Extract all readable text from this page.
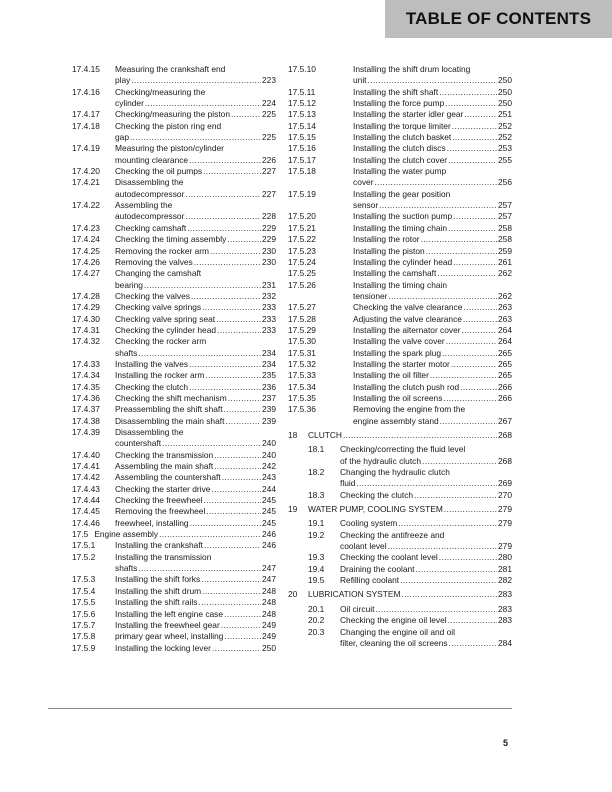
TABLE OF CONTENTS
17.4.15 Measuring the crankshaft end
play .....	223
17.4.16 Checking/measuring the
cylinder .....	224
17.4.17 Checking/measuring the piston .....	225
17.4.18 Checking the piston ring end
gap .....	225
17.4.19 Measuring the piston/cylinder
mounting clearance .....	226
17.4.20 Checking the oil pumps .....	227
17.4.21 Disassembling the
autodecompressor .....	227
17.4.22 Assembling the
autodecompressor .....	228
17.4.23 Checking camshaft .....	229
17.4.24 Checking the timing assembly .....	229
17.4.25 Removing the rocker arm .....	230
17.4.26 Removing the valves .....	230
17.4.27 Changing the camshaft
bearing .....	231
17.4.28 Checking the valves .....	232
17.4.29 Checking valve springs .....	233
17.4.30 Checking valve spring seat .....	233
17.4.31 Checking the cylinder head .....	233
17.4.32 Checking the rocker arm
shafts .....	234
17.4.33 Installing the valves .....	234
17.4.34 Installing the rocker arm .....	235
17.4.35 Checking the clutch .....	236
17.4.36 Checking the shift mechanism .....	237
17.4.37 Preassembling the shift shaft .....	239
17.4.38 Disassembling the main shaft .....	239
17.4.39 Disassembling the
countershaft .....	240
17.4.40 Checking the transmission .....	240
17.4.41 Assembling the main shaft .....	242
17.4.42 Assembling the countershaft .....	243
17.4.43 Checking the starter drive .....	244
17.4.44 Checking the freewheel .....	245
17.4.45 Removing the freewheel .....	245
17.4.46 freewheel, installing .....	245
17.5 Engine assembly .....	246
17.5.1 Installing the crankshaft .....	246
17.5.2 Installing the transmission
shafts .....	247
17.5.3 Installing the shift forks .....	247
17.5.4 Installing the shift drum .....	248
17.5.5 Installing the shift rails .....	248
17.5.6 Installing the left engine case .....	248
17.5.7 Installing the freewheel gear .....	249
17.5.8 primary gear wheel, installing .....	249
17.5.9 Installing the locking lever .....	250
17.5.10	Installing the shift drum locating
unit .....	250
17.5.11	Installing the shift shaft .....	250
17.5.12	Installing the force pump .....	250
17.5.13	Installing the starter idler gear .....	251
17.5.14	Installing the torque limiter .....	252
17.5.15	Installing the clutch basket .....	252
17.5.16	Installing the clutch discs .....	253
17.5.17	Installing the clutch cover .....	255
17.5.18	Installing the water pump
cover .....	256
17.5.19	Installing the gear position
sensor .....	257
17.5.20	Installing the suction pump .....	257
17.5.21	Installing the timing chain .....	258
17.5.22	Installing the rotor .....	258
17.5.23	Installing the piston .....	259
17.5.24	Installing the cylinder head .....	261
17.5.25	Installing the camshaft .....	262
17.5.26	Installing the timing chain
tensioner .....	262
17.5.27	Checking the valve clearance .....	263
17.5.28	Adjusting the valve clearance .....	263
17.5.29	Installing the alternator cover .....	264
17.5.30	Installing the valve cover .....	264
17.5.31	Installing the spark plug .....	265
17.5.32	Installing the starter motor .....	265
17.5.33	Installing the oil filter .....	265
17.5.34	Installing the clutch push rod .....	266
17.5.35	Installing the oil screens .....	266
17.5.36	Removing the engine from the
engine assembly stand .....	267
18 CLUTCH .....	268
18.1 Checking/correcting the fluid level
of the hydraulic clutch .....	268
18.2 Changing the hydraulic clutch
fluid .....	269
18.3 Checking the clutch .....	270
19 WATER PUMP, COOLING SYSTEM .....	279
19.1 Cooling system .....	279
19.2 Checking the antifreeze and
coolant level .....	279
19.3 Checking the coolant level .....	280
19.4 Draining the coolant .....	281
19.5 Refilling coolant .....	282
20 LUBRICATION SYSTEM .....	283
20.1 Oil circuit .....	283
20.2 Checking the engine oil level .....	283
20.3 Changing the engine oil and oil
filter, cleaning the oil screens .....	284
5
